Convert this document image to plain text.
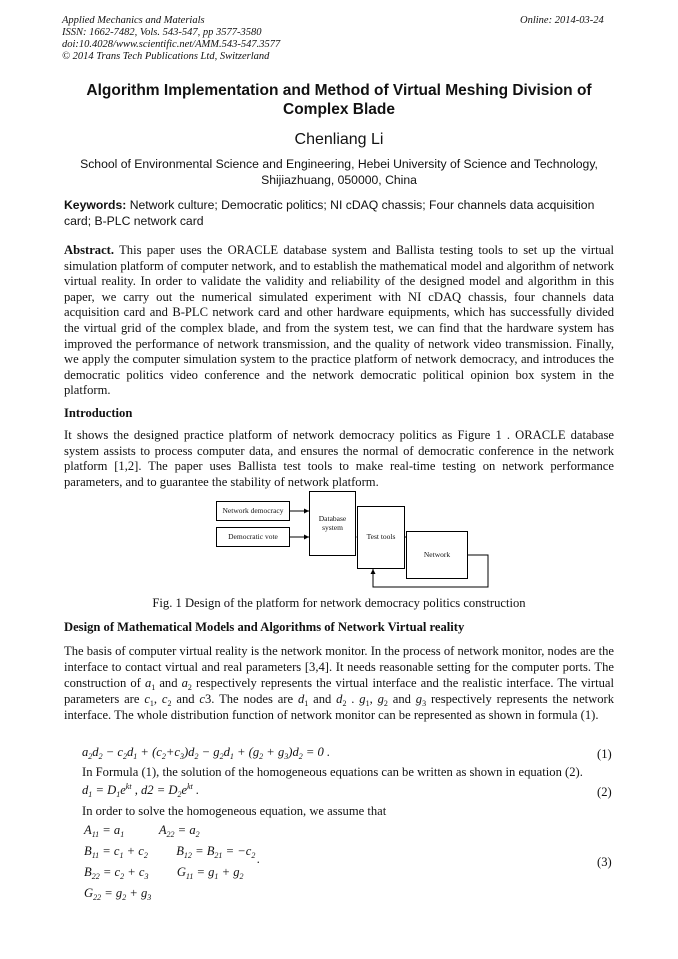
Applied Mechanics and Materials
ISSN: 1662-7482, Vols. 543-547, pp 3577-3580
doi:10.4028/www.scientific.net/AMM.543-547.3577
© 2014 Trans Tech Publications Ltd, Switzerland
Online: 2014-03-24
Algorithm Implementation and Method of Virtual Meshing Division of Complex Blade
Chenliang Li
School of Environmental Science and Engineering, Hebei University of Science and Technology, Shijiazhuang, 050000, China
Keywords: Network culture; Democratic politics; NI cDAQ chassis; Four channels data acquisition card; B-PLC network card
Abstract. This paper uses the ORACLE database system and Ballista testing tools to set up the virtual simulation platform of computer network, and to establish the mathematical model and algorithm of network virtual reality. In order to validate the validity and reliability of the designed model and algorithm in this paper, we carry out the numerical simulated experiment with NI cDAQ chassis, four channels data acquisition card and B-PLC network card and other hardware equipments, which has successfully divided the virtual grid of the complex blade, and from the system test, we can find that the hardware system has improved the performance of network transmission, and the quality of network video transmission. Finally, we apply the computer simulation system to the practice platform of network democracy, and introduces the democratic politics video conference and the network democratic political opinion box system in the platform.
Introduction
It shows the designed practice platform of network democracy politics as Figure 1 . ORACLE database system assists to process computer data, and ensures the normal of democratic conference in the network platform [1,2]. The paper uses Ballista test tools to make real-time testing on network performance parameters, and to guarantee the stability of network platform.
Network democracy
Democratic vote
Database system
Test tools
Network
Fig. 1 Design of the platform for network democracy politics construction
Design of Mathematical Models and Algorithms of Network Virtual reality
The basis of computer virtual reality is the network monitor. In the process of network monitor, nodes are the interface to contact virtual and real parameters [3,4]. It needs reasonable setting for the computer ports. The construction of $a_1$ and $a_2$ respectively represents the virtual interface and the realistic interface. The virtual parameters are $c_1$, $c_2$ and c3. The nodes are $d_1$ and $d_2$ . $g_1$, $g_2$ and $g_3$ respectively represents the network interface. The whole distribution function of network monitor can be represented as shown in formula (1).
$a_2d_2 - c_2d_1 + (c_2+c_3)d_2 - g_2d_1 + (g_2 + g_3)d_2 = 0$ .	(1)
In Formula (1), the solution of the homogeneous equations can be written as shown in equation (2).
$d_1 = D_1e^{kt}$ , $d2 = D_2e^{kt}$ .	(2)
In order to solve the homogeneous equation, we assume that
$A_{11} = a_1$           $A_{22} = a_2$
$B_{11} = c_1 + c_2$         $B_{12} = B_{21} = -c_2$
$B_{22} = c_2 + c_3$         $G_{11} = g_1 + g_2$
.
$G_{22} = g_2 + g_3$
(3)
